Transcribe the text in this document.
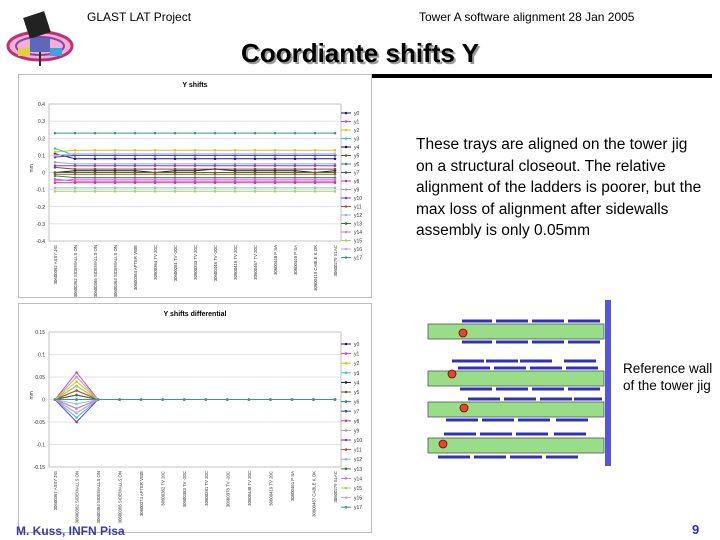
GLAST LAT Project	Tower A software alignment 28 Jan 2005
Coordiante shifts Y
Y shifts
0.4
0.3
0.2
0.1
0
-0.1
-0.2
-0.3
-0.4
mm
30600362 ASSY JIG	30600362 SIDEWALLS ON	30600365 SIDEWALLS ON	30600364 SIDEWALLS ON	30600364 AFTER VIBE	30600364 TV 20C	30600281 TV -20C	30600333 TV 20C	30600448 TV -20C	30600419 TV 20C	30600467 TV 20C	30600448 P SA	30600445 P SA	30600419 CABLE K OK	30600279 SLAC
y0
y1
y2
y3
y4
y5
y6
y7
y8
y9
y10
y11
y12
y13
y14
y15
y16
y17
Y shifts differential
0.15
0.1
0.05
0
-0.05
-0.1
-0.15
mm
30600367 ASSY JIG	30600362 SIDEWALLS ON	30600364 SIDEWALLS ON	30600365 SIDEWALLS ON	30600374 AFTER VIBE	30600362 TV 20C	30600383 TV -20C	30600281 TV 20C	30600378 TV -20C	30600448 TV 20C	30600419 TV 20C	30600461 P SA	30600467 CABLE K OK	30600279 SLAC
y0
y1
y2
y3
y4
y5
y6
y7
y8
y9
y10
y11
y12
y13
y14
y15
y16
y17
These trays are aligned on the tower jig on a structural closeout. The relative alignment of the ladders is poorer, but the max loss of alignment after sidewalls assembly is only 0.05mm
Reference wall of the tower jig
M. Kuss, INFN Pisa	9
